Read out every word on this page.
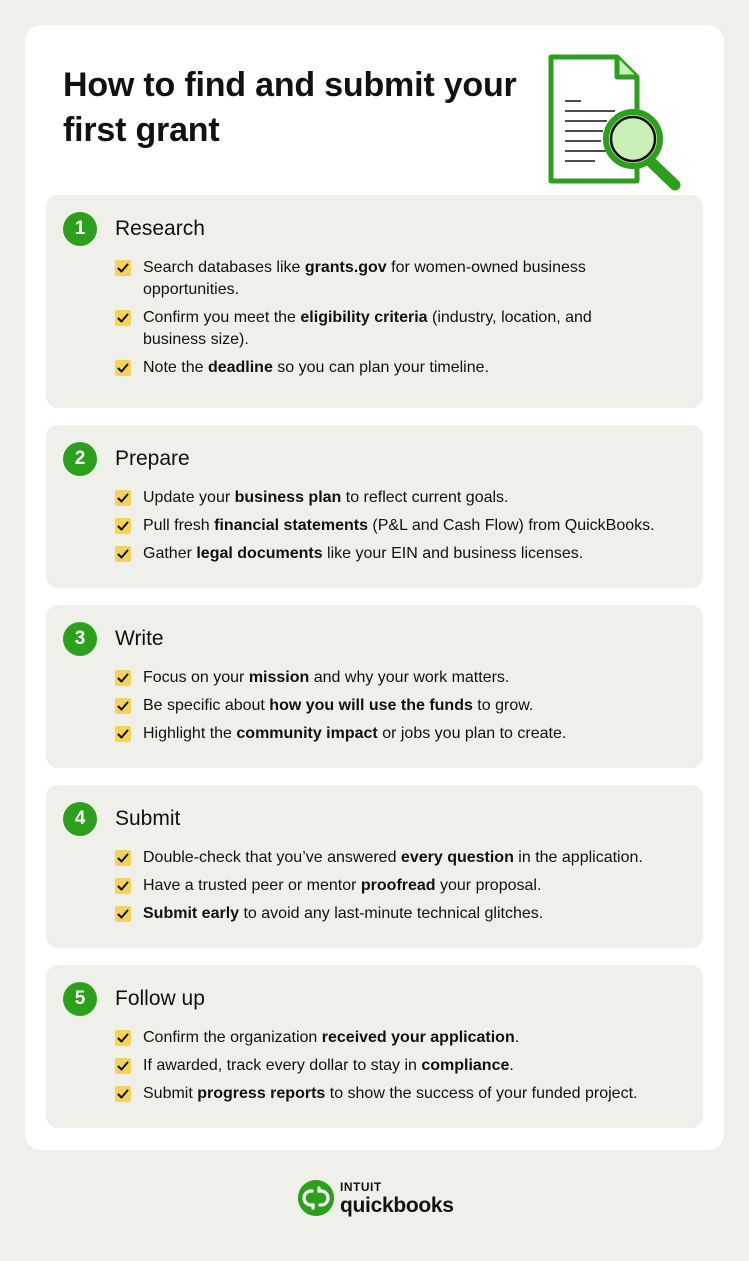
How to find and submit your first grant
1	Research
Search databases like grants.gov for women-owned business opportunities.
Confirm you meet the eligibility criteria (industry, location, and business size).
Note the deadline so you can plan your timeline.
2	Prepare
Update your business plan to reflect current goals.
Pull fresh financial statements (P&L and Cash Flow) from QuickBooks.
Gather legal documents like your EIN and business licenses.
3	Write
Focus on your mission and why your work matters.
Be specific about how you will use the funds to grow.
Highlight the community impact or jobs you plan to create.
4	Submit
Double-check that you’ve answered every question in the application.
Have a trusted peer or mentor proofread your proposal.
Submit early to avoid any last-minute technical glitches.
5	Follow up
Confirm the organization received your application.
If awarded, track every dollar to stay in compliance.
Submit progress reports to show the success of your funded project.
INTUIT
quickbooks
